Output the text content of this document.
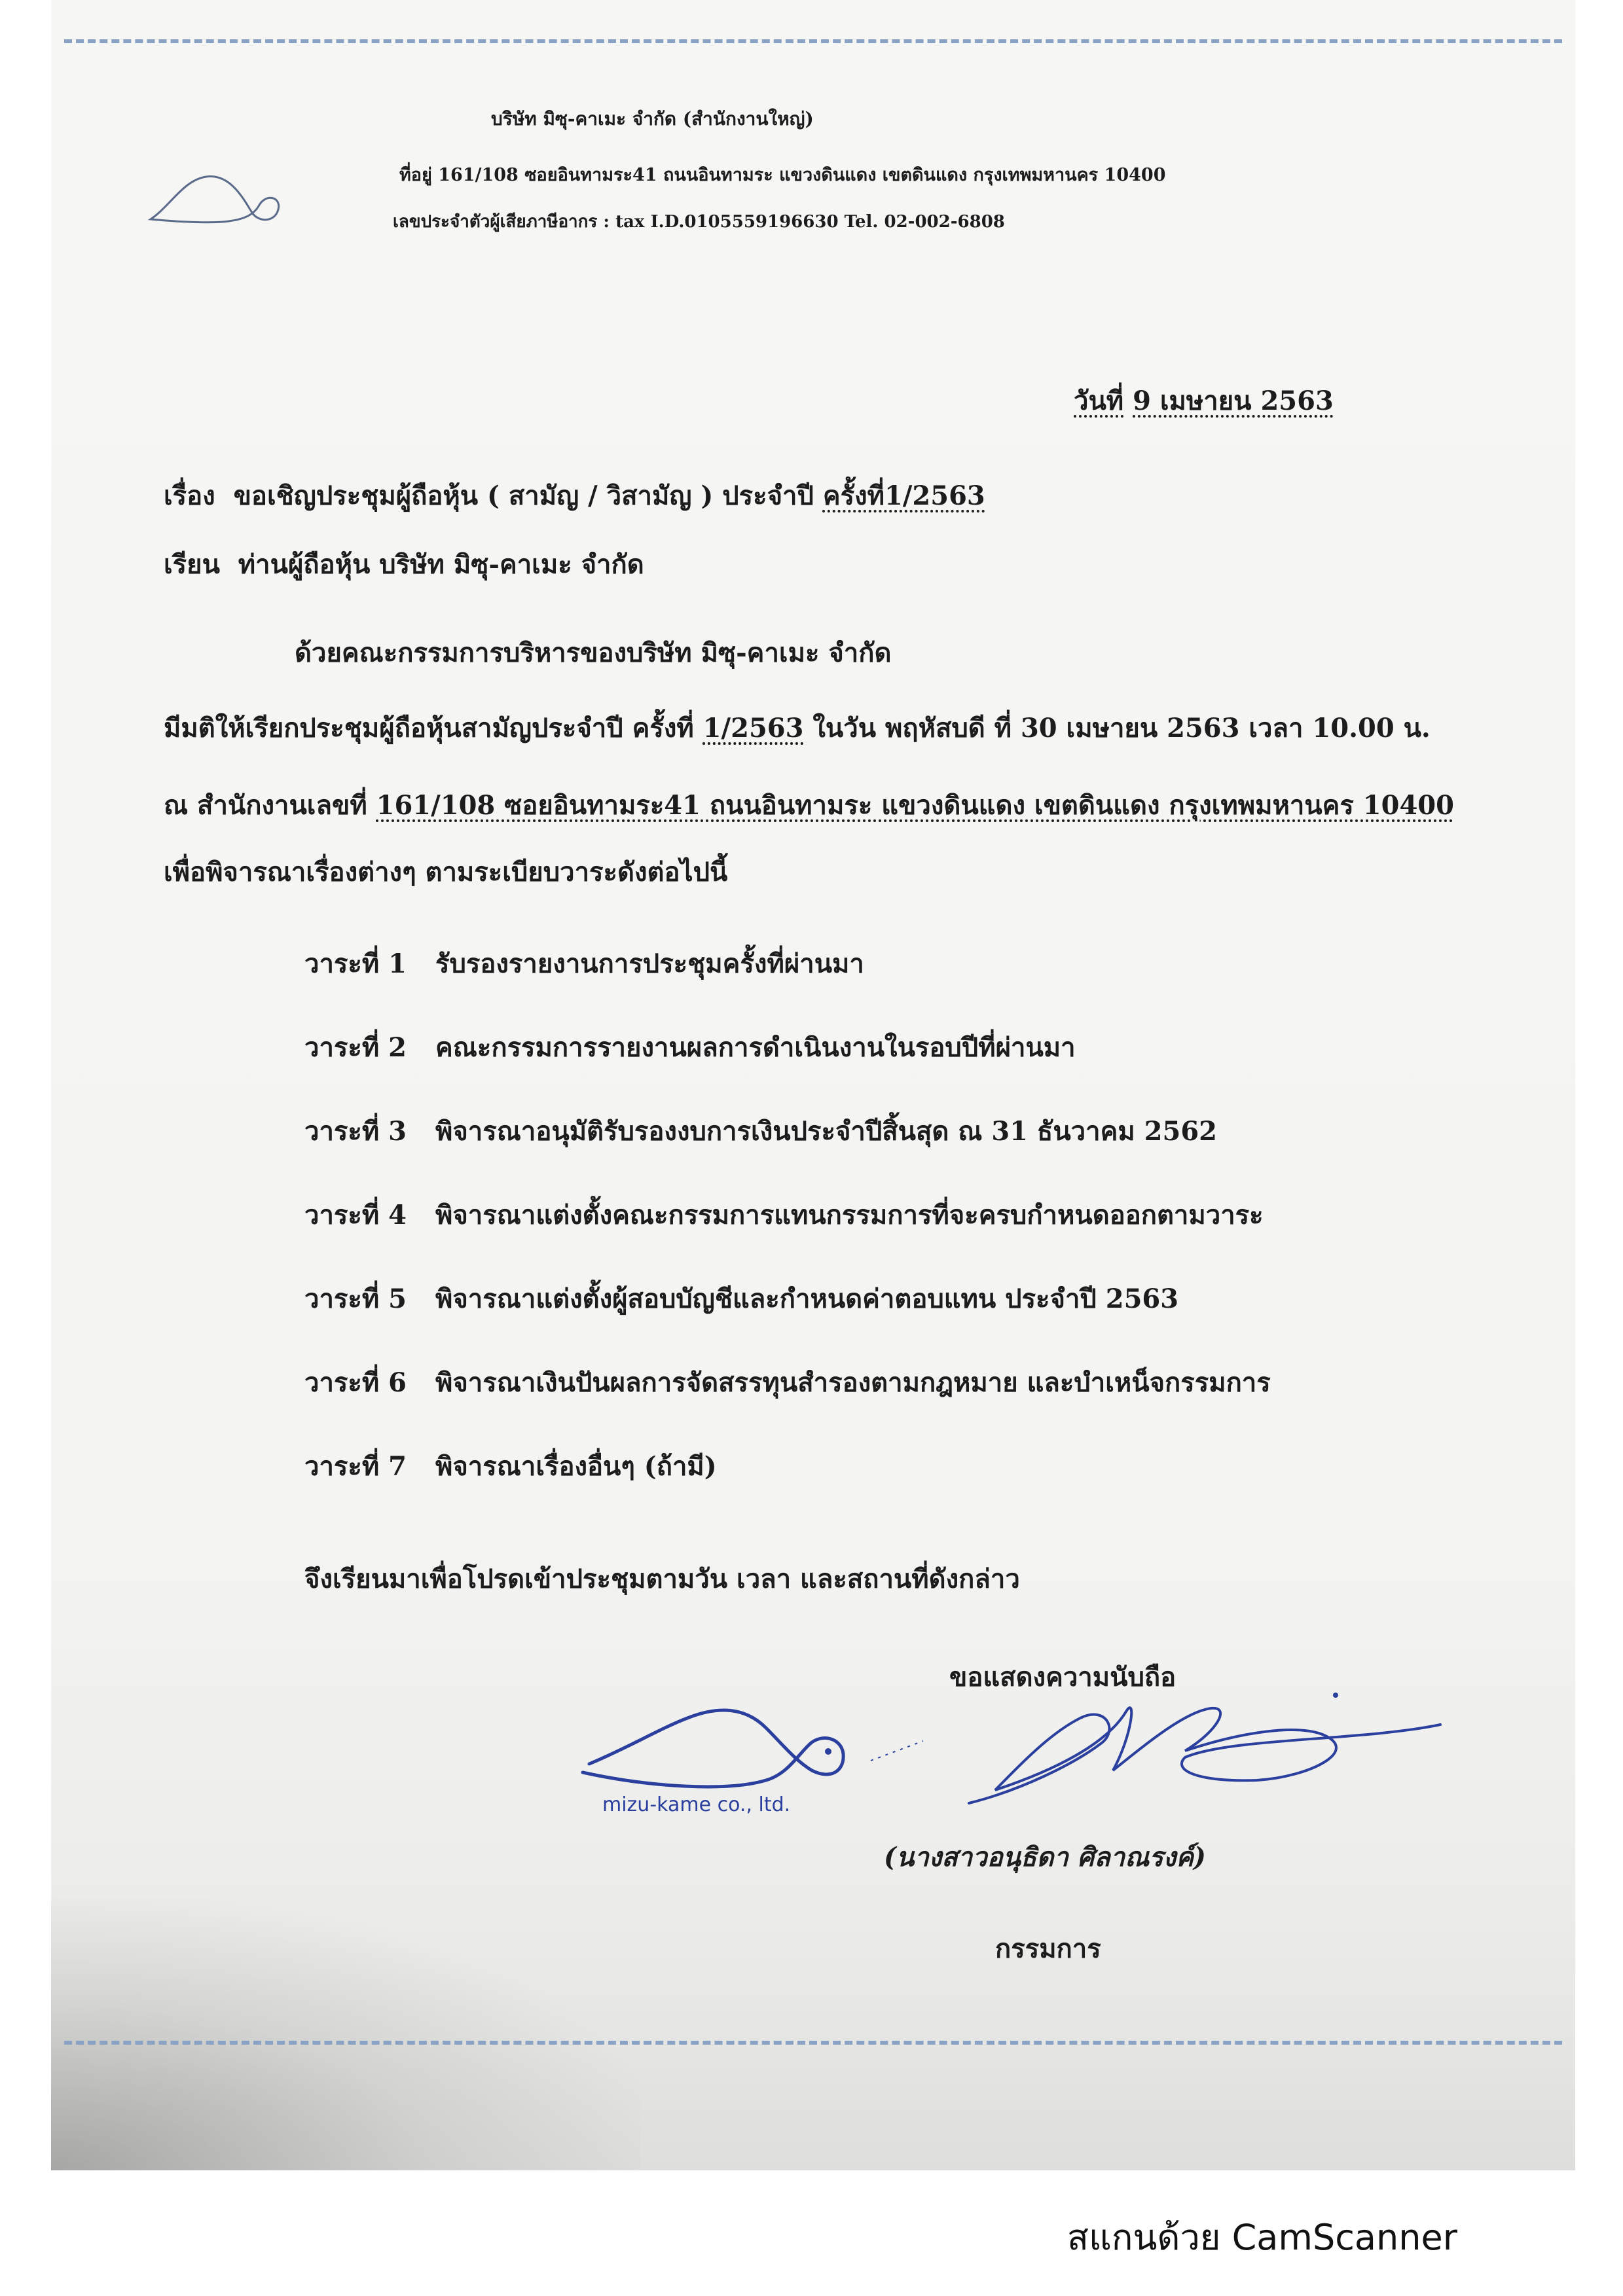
บริษัท มิซุ-คาเมะ จำกัด (สำนักงานใหญ่)
ที่อยู่ 161/108 ซอยอินทามระ41 ถนนอินทามระ แขวงดินแดง เขตดินแดง กรุงเทพมหานคร 10400
เลขประจำตัวผู้เสียภาษีอากร : tax I.D.0105559196630 Tel. 02-002-6808
วันที่ 9 เมษายน 2563
เรื่อง ขอเชิญประชุมผู้ถือหุ้น ( สามัญ / วิสามัญ ) ประจำปี ครั้งที่1/2563
เรียน ท่านผู้ถือหุ้น บริษัท มิซุ-คาเมะ จำกัด
ด้วยคณะกรรมการบริหารของบริษัท มิซุ-คาเมะ จำกัด
มีมติให้เรียกประชุมผู้ถือหุ้นสามัญประจำปี ครั้งที่ 1/2563 ในวัน พฤหัสบดี ที่ 30 เมษายน 2563 เวลา 10.00 น.
ณ สำนักงานเลขที่ 161/108 ซอยอินทามระ41 ถนนอินทามระ แขวงดินแดง เขตดินแดง กรุงเทพมหานคร 10400
เพื่อพิจารณาเรื่องต่างๆ ตามระเบียบวาระดังต่อไปนี้
วาระที่ 1 รับรองรายงานการประชุมครั้งที่ผ่านมา
วาระที่ 2 คณะกรรมการรายงานผลการดำเนินงานในรอบปีที่ผ่านมา
วาระที่ 3 พิจารณาอนุมัติรับรองงบการเงินประจำปีสิ้นสุด ณ 31 ธันวาคม 2562
วาระที่ 4 พิจารณาแต่งตั้งคณะกรรมการแทนกรรมการที่จะครบกำหนดออกตามวาระ
วาระที่ 5 พิจารณาแต่งตั้งผู้สอบบัญชีและกำหนดค่าตอบแทน ประจำปี 2563
วาระที่ 6 พิจารณาเงินปันผลการจัดสรรทุนสำรองตามกฎหมาย และบำเหน็จกรรมการ
วาระที่ 7 พิจารณาเรื่องอื่นๆ (ถ้ามี)
จึงเรียนมาเพื่อโปรดเข้าประชุมตามวัน เวลา และสถานที่ดังกล่าว
ขอแสดงความนับถือ
mizu-kame co., ltd.
(นางสาวอนุธิดา ศิลาณรงค์)
กรรมการ
สแกนด้วย CamScanner
